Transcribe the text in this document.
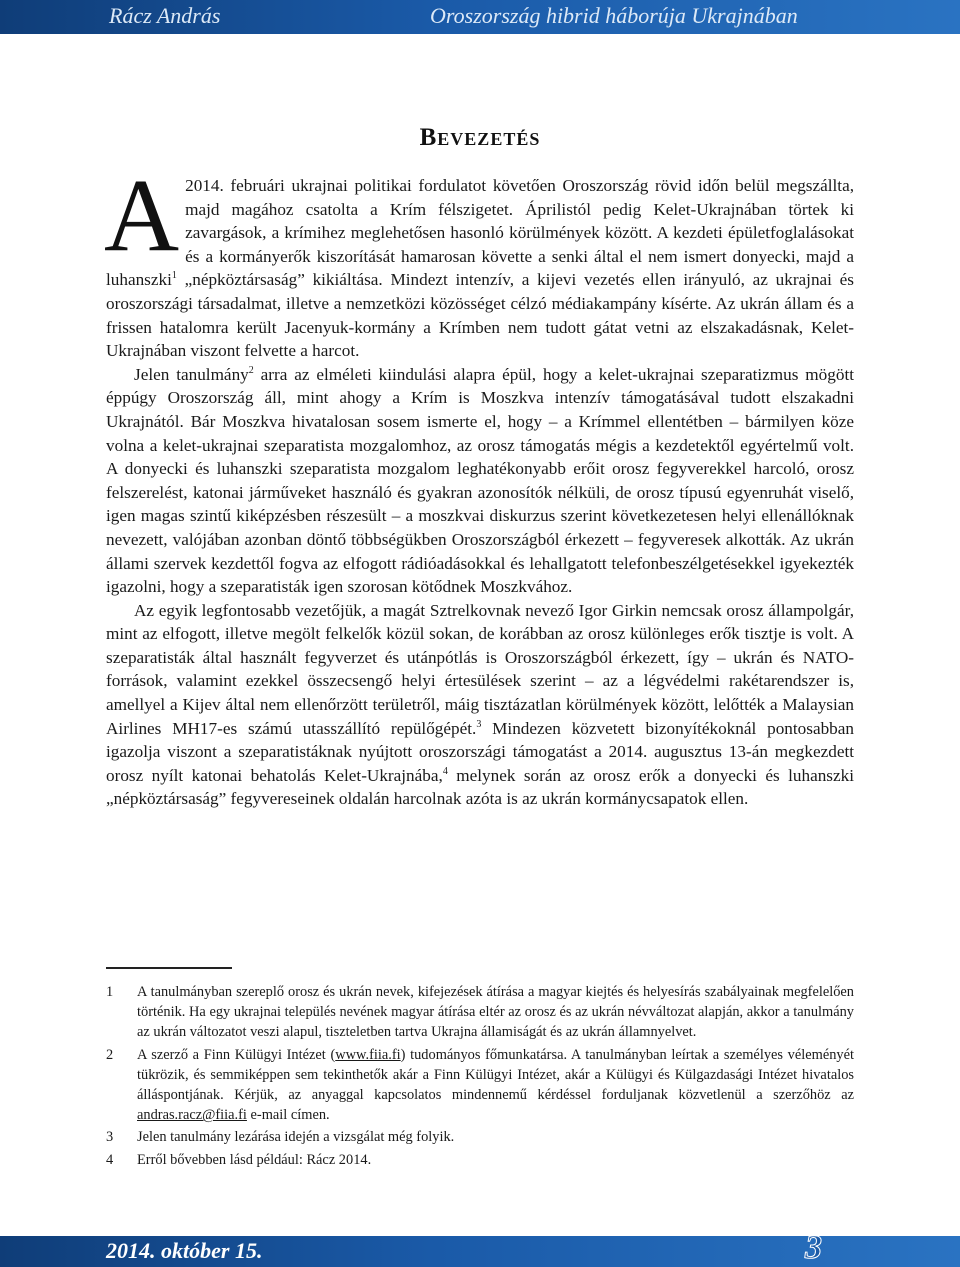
Rácz András	Oroszország hibrid háborúja Ukrajnában
Bevezetés

A 2014. februári ukrajnai politikai fordulatot követően Oroszország rövid időn belül megszállta, majd magához csatolta a Krím félszigetet. Áprilistól pedig Kelet-Ukrajnában törtek ki zavargások, a krímihez meglehetősen hasonló körülmények között. A kezdeti épületfoglalásokat és a kormányerők kiszorítását hamarosan követte a senki által el nem ismert donyecki, majd a luhanszki$^1$ „népköztársaság” kikiáltása. Mindezt intenzív, a kijevi vezetés ellen irányuló, az ukrajnai és oroszországi társadalmat, illetve a nemzetközi közösséget célzó médiakampány kísérte. Az ukrán állam és a frissen hatalomra került Jacenyuk-kormány a Krímben nem tudott gátat vetni az elszakadásnak, Kelet-Ukrajnában viszont felvette a harcot.

Jelen tanulmány$^2$ arra az elméleti kiindulási alapra épül, hogy a kelet-ukrajnai szeparatizmus mögött éppúgy Oroszország áll, mint ahogy a Krím is Moszkva intenzív támogatásával tudott elszakadni Ukrajnától. Bár Moszkva hivatalosan sosem ismerte el, hogy – a Krímmel ellentétben – bármilyen köze volna a kelet-ukrajnai szeparatista mozgalomhoz, az orosz támogatás mégis a kezdetektől egyértelmű volt. A donyecki és luhanszki szeparatista mozgalom leghatékonyabb erőit orosz fegyverekkel harcoló, orosz felszerelést, katonai járműveket használó és gyakran azonosítók nélküli, de orosz típusú egyenruhát viselő, igen magas szintű kiképzésben részesült – a moszkvai diskurzus szerint következetesen helyi ellenállóknak nevezett, valójában azonban döntő többségükben Oroszországból érkezett – fegyveresek alkották. Az ukrán állami szervek kezdettől fogva az elfogott rádióadásokkal és lehallgatott telefonbeszélgetésekkel igyekezték igazolni, hogy a szeparatisták igen szorosan kötődnek Moszkvához.

Az egyik legfontosabb vezetőjük, a magát Sztrelkovnak nevező Igor Girkin nemcsak orosz állampolgár, mint az elfogott, illetve megölt felkelők közül sokan, de korábban az orosz különleges erők tisztje is volt. A szeparatisták által használt fegyverzet és utánpótlás is Oroszországból érkezett, így – ukrán és NATO-források, valamint ezekkel összecsengő helyi értesülések szerint – az a légvédelmi rakétarendszer is, amellyel a Kijev által nem ellenőrzött területről, máig tisztázatlan körülmények között, lelőtték a Malaysian Airlines MH17-es számú utasszállító repülőgépét.$^3$ Mindezen közvetett bizonyítékoknál pontosabban igazolja viszont a szeparatistáknak nyújtott oroszországi támogatást a 2014. augusztus 13-án megkezdett orosz nyílt katonai behatolás Kelet-Ukrajnába,$^4$ melynek során az orosz erők a donyecki és luhanszki „népköztársaság” fegyvereseinek oldalán harcolnak azóta is az ukrán kormánycsapatok ellen.

1 A tanulmányban szereplő orosz és ukrán nevek, kifejezések átírása a magyar kiejtés és helyesírás szabályainak megfelelően történik. Ha egy ukrajnai település nevének magyar átírása eltér az orosz és az ukrán névváltozat alapján, akkor a tanulmány az ukrán változatot veszi alapul, tiszteletben tartva Ukrajna államiságát és az ukrán államnyelvet.
2 A szerző a Finn Külügyi Intézet (www.fiia.fi) tudományos főmunkatársa. A tanulmányban leírtak a személyes véleményét tükrözik, és semmiképpen sem tekinthetők akár a Finn Külügyi Intézet, akár a Külügyi és Külgazdasági Intézet hivatalos álláspontjának. Kérjük, az anyaggal kapcsolatos mindennemű kérdéssel forduljanak közvetlenül a szerzőhöz az andras.racz@fiia.fi e-mail címen.
3 Jelen tanulmány lezárása idején a vizsgálat még folyik.
4 Erről bővebben lásd például: Rácz 2014.
2014. október 15.	3
